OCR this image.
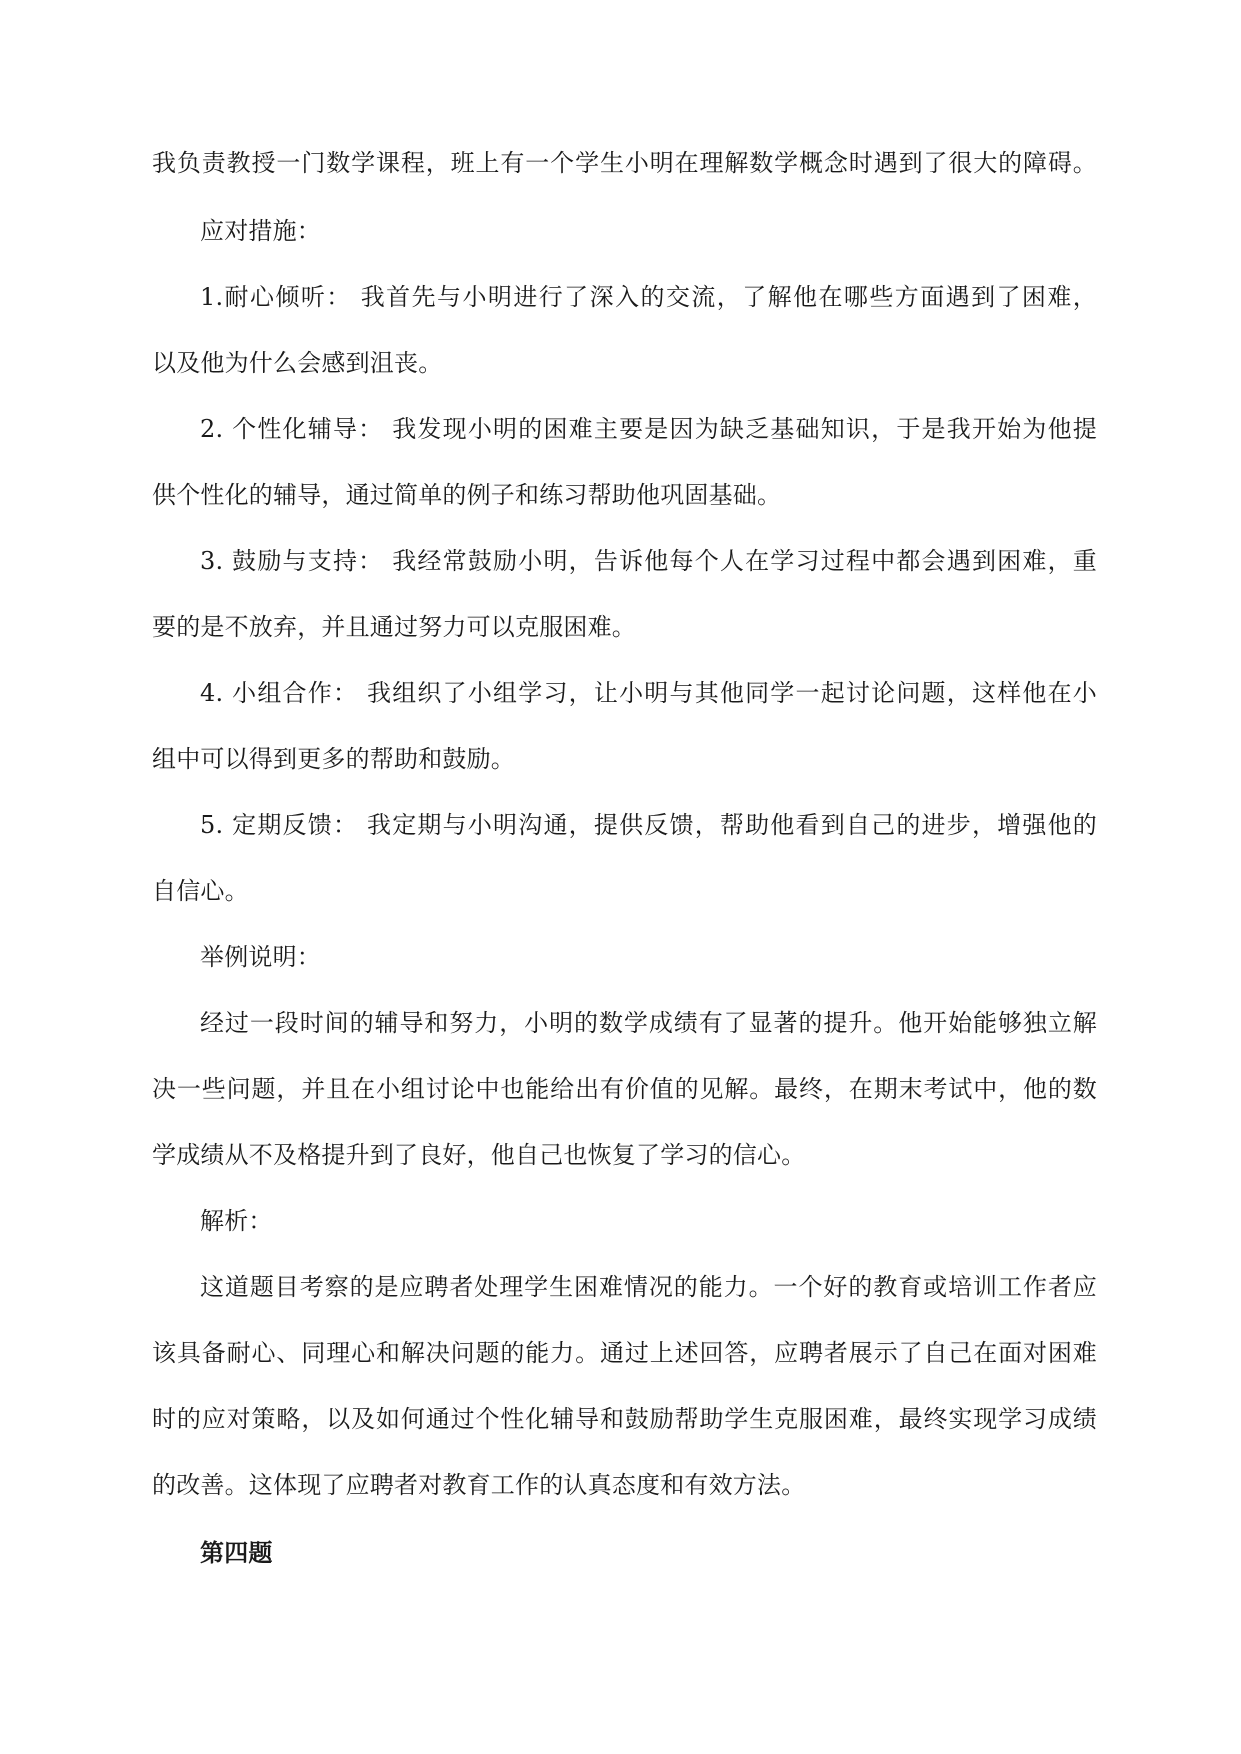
我负责教授一门数学课程，班上有一个学生小明在理解数学概念时遇到了很大的障碍。
应对措施：
1.耐心倾听： 我首先与小明进行了深入的交流，了解他在哪些方面遇到了困难，
以及他为什么会感到沮丧。
2. 个性化辅导： 我发现小明的困难主要是因为缺乏基础知识，于是我开始为他提
供个性化的辅导，通过简单的例子和练习帮助他巩固基础。
3. 鼓励与支持： 我经常鼓励小明，告诉他每个人在学习过程中都会遇到困难，重
要的是不放弃，并且通过努力可以克服困难。
4. 小组合作： 我组织了小组学习，让小明与其他同学一起讨论问题，这样他在小
组中可以得到更多的帮助和鼓励。
5. 定期反馈： 我定期与小明沟通，提供反馈，帮助他看到自己的进步，增强他的
自信心。
举例说明：
经过一段时间的辅导和努力，小明的数学成绩有了显著的提升。他开始能够独立解
决一些问题，并且在小组讨论中也能给出有价值的见解。最终，在期末考试中，他的数
学成绩从不及格提升到了良好，他自己也恢复了学习的信心。
解析：
这道题目考察的是应聘者处理学生困难情况的能力。一个好的教育或培训工作者应
该具备耐心、同理心和解决问题的能力。通过上述回答，应聘者展示了自己在面对困难
时的应对策略，以及如何通过个性化辅导和鼓励帮助学生克服困难，最终实现学习成绩
的改善。这体现了应聘者对教育工作的认真态度和有效方法。
第四题
